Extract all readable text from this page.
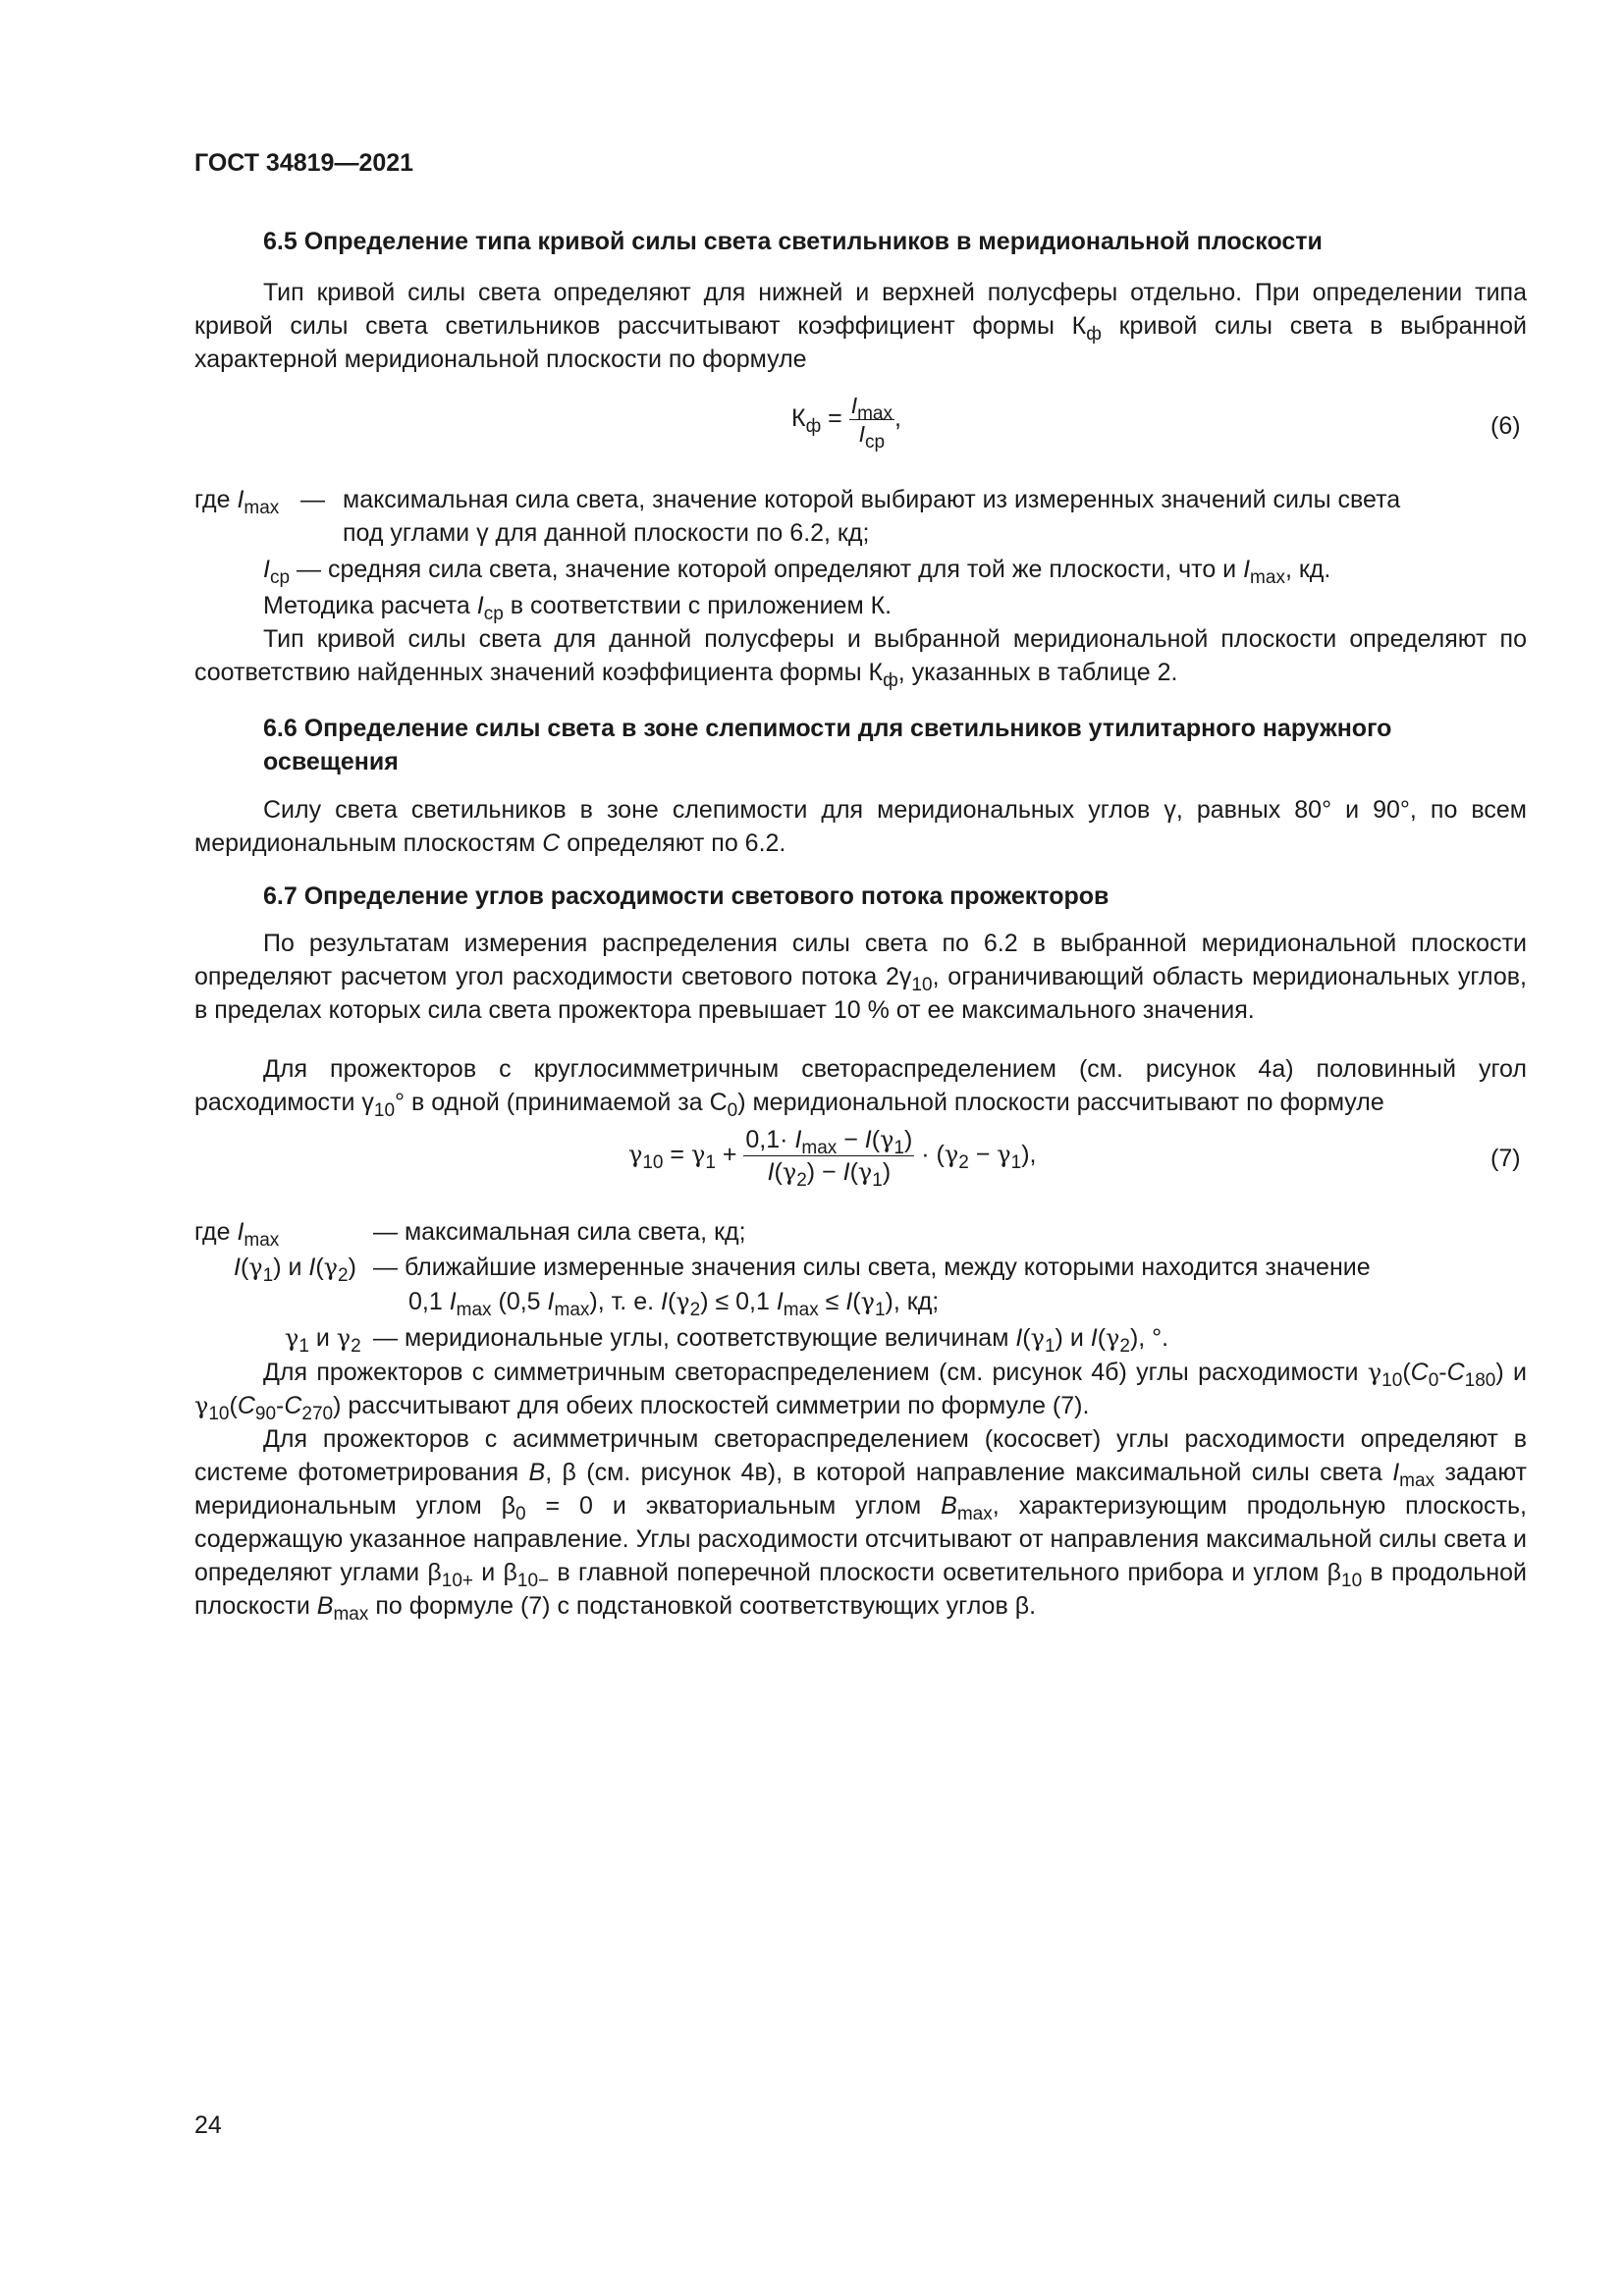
ГОСТ 34819—2021
6.5 Определение типа кривой силы света светильников в меридиональной плоскости
Тип кривой силы света определяют для нижней и верхней полусферы отдельно. При определении типа кривой силы света светильников рассчитывают коэффициент формы $К_ф$ кривой силы света в выбранной характерной меридиональной плоскости по формуле
$К_ф = \frac{I_{max}}{I_{cp}}$ ,	(6)
где $I_{max}$ — максимальная сила света, значение которой выбирают из измеренных значений силы света
под углами γ для данной плоскости по 6.2, кд;
$I_{cp}$ — средняя сила света, значение которой определяют для той же плоскости, что и $I_{max}$, кд.
Методика расчета $I_{cp}$ в соответствии с приложением К.
Тип кривой силы света для данной полусферы и выбранной меридиональной плоскости определяют по соответствию найденных значений коэффициента формы $К_ф$, указанных в таблице 2.
6.6 Определение силы света в зоне слепимости для светильников утилитарного наружного освещения
Силу света светильников в зоне слепимости для меридиональных углов γ, равных 80° и 90°, по всем меридиональным плоскостям C определяют по 6.2.
6.7 Определение углов расходимости светового потока прожекторов
По результатам измерения распределения силы света по 6.2 в выбранной меридиональной плоскости определяют расчетом угол расходимости светового потока $2\gamma_{10}$, ограничивающий область меридиональных углов, в пределах которых сила света прожектора превышает 10 % от ее максимального значения.
Для прожекторов с круглосимметричным светораспределением (см. рисунок 4а) половинный угол расходимости $\gamma_{10}^\circ$ в одной (принимаемой за $С_0$) меридиональной плоскости рассчитывают по формуле
$\gamma_{10} = \gamma_1 + \frac{0,1\cdot I_{max} - I(\gamma_1)}{I(\gamma_2) - I(\gamma_1)} \cdot (\gamma_2 - \gamma_1)$,	(7)
где $I_{max}$	— максимальная сила света, кд;
$I(\gamma_1)$ и $I(\gamma_2)$ — ближайшие измеренные значения силы света, между которыми находится значение
0,1 $I_{max}$ (0,5 $I_{max}$), т. е. $I(\gamma_2) \le 0,1$ $I_{max} \le I(\gamma_1)$, кд;
$\gamma_1$ и $\gamma_2$ — меридиональные углы, соответствующие величинам $I(\gamma_1)$ и $I(\gamma_2)$, °.
Для прожекторов с симметричным светораспределением (см. рисунок 4б) углы расходимости $\gamma_{10}(C_0-C_{180})$ и $\gamma_{10}(C_{90}-C_{270})$ рассчитывают для обеих плоскостей симметрии по формуле (7).
Для прожекторов с асимметричным светораспределением (кососвет) углы расходимости определяют в системе фотометрирования B, β (см. рисунок 4в), в которой направление максимальной силы света $I_{max}$ задают меридиональным углом $\beta_0 = 0$ и экваториальным углом $B_{max}$, характеризующим продольную плоскость, содержащую указанное направление. Углы расходимости отсчитывают от направления максимальной силы света и определяют углами $\beta_{10+}$ и $\beta_{10-}$ в главной поперечной плоскости осветительного прибора и углом $\beta_{10}$ в продольной плоскости $B_{max}$ по формуле (7) с подстановкой соответствующих углов β.
24
